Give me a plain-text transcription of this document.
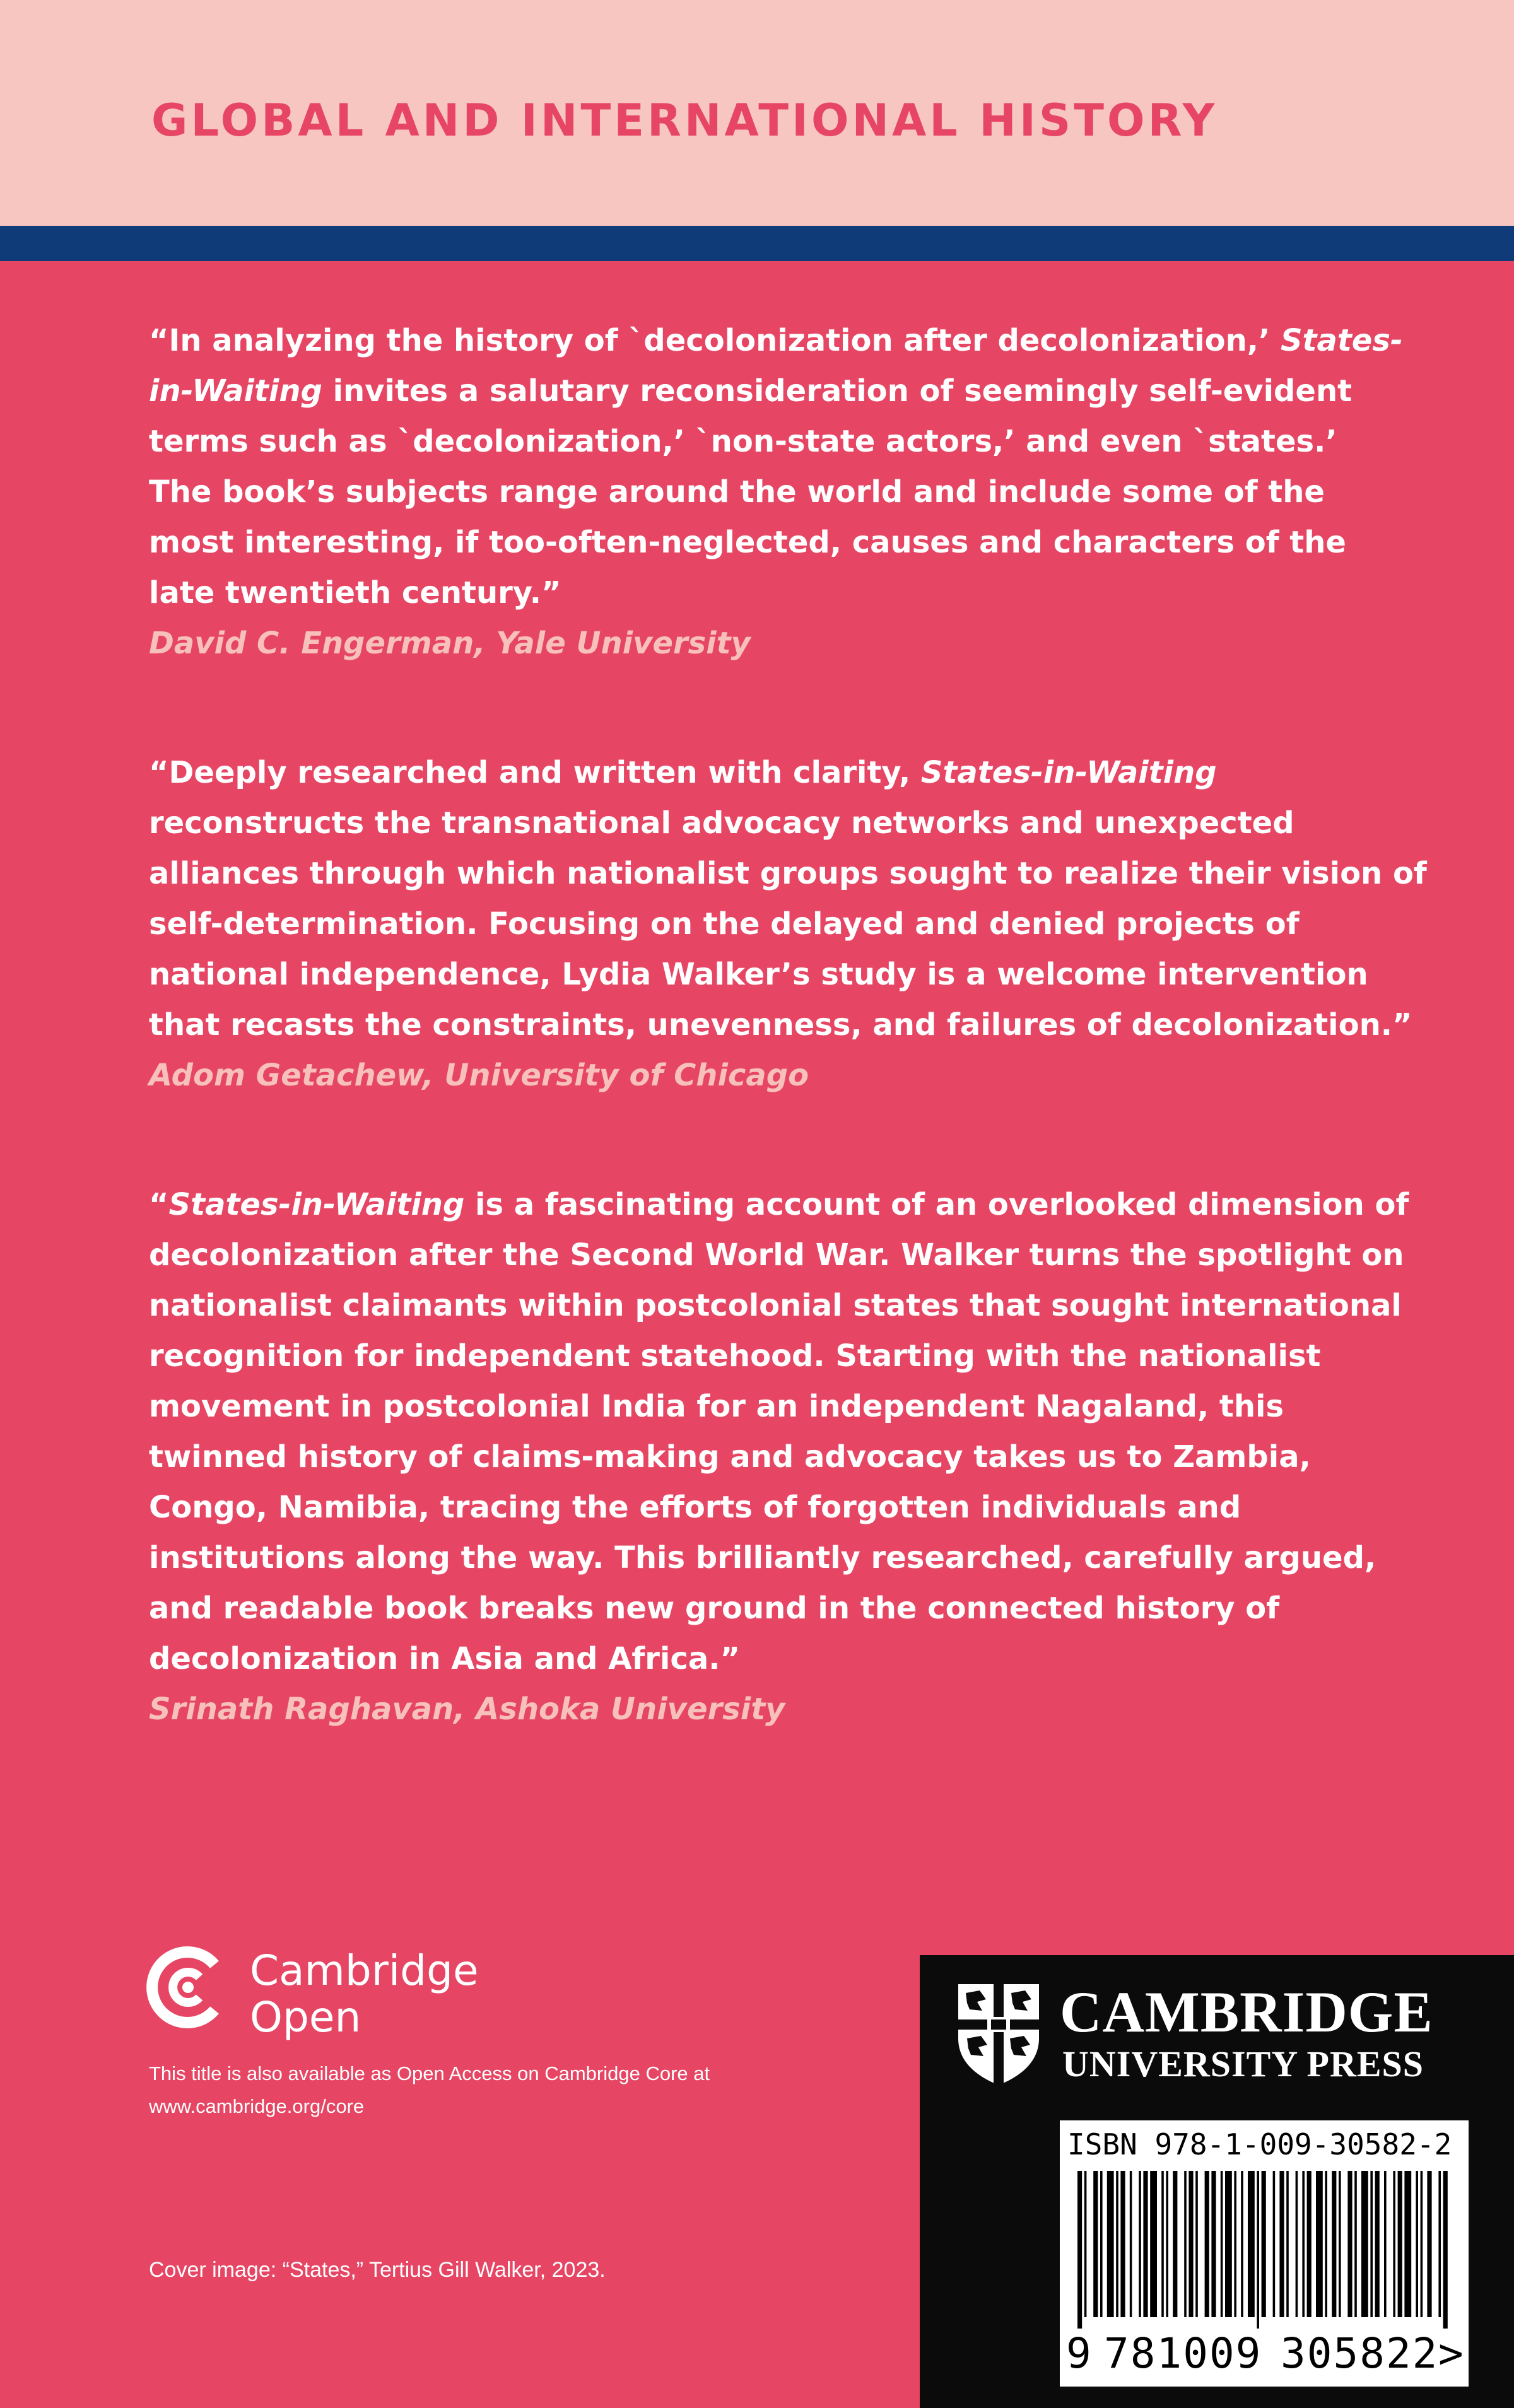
GLOBAL AND INTERNATIONAL HISTORY

“In analyzing the history of `decolonization after decolonization,’ States-in-Waiting invites a salutary reconsideration of seemingly self-evident terms such as `decolonization,’ `non-state actors,’ and even `states.’ The book’s subjects range around the world and include some of the most interesting, if too-often-neglected, causes and characters of the late twentieth century.”

David C. Engerman, Yale University

“Deeply researched and written with clarity, States-in-Waiting reconstructs the transnational advocacy networks and unexpected alliances through which nationalist groups sought to realize their vision of self-determination. Focusing on the delayed and denied projects of national independence, Lydia Walker’s study is a welcome intervention that recasts the constraints, unevenness, and failures of decolonization.”

Adom Getachew, University of Chicago

“States-in-Waiting is a fascinating account of an overlooked dimension of decolonization after the Second World War. Walker turns the spotlight on nationalist claimants within postcolonial states that sought international recognition for independent statehood. Starting with the nationalist movement in postcolonial India for an independent Nagaland, this twinned history of claims-making and advocacy takes us to Zambia, Congo, Namibia, tracing the efforts of forgotten individuals and institutions along the way. This brilliantly researched, carefully argued, and readable book breaks new ground in the connected history of decolonization in Asia and Africa.”

Srinath Raghavan, Ashoka University

Cambridge
Open

This title is also available as Open Access on Cambridge Core at www.cambridge.org/core

Cover image: “States,” Tertius Gill Walker, 2023.

CAMBRIDGE

UNIVERSITY PRESS

ISBN 978-1-009-30582-2

9 781009 305822 >
